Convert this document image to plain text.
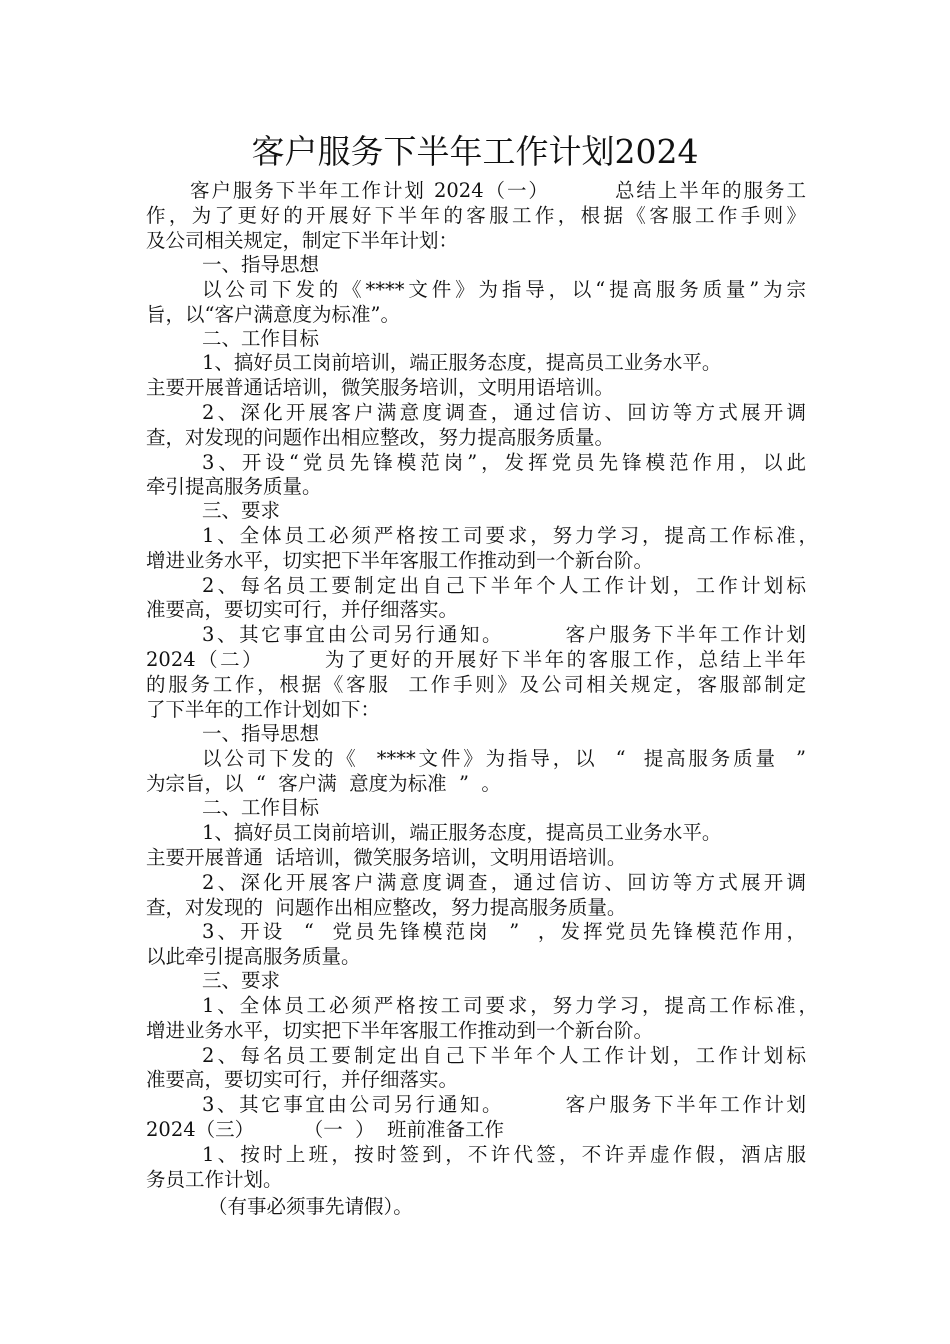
客户服务下半年工作计划2024
客户服务下半年工作计划 2024（一）        总结上半年的服务工
作，为了更好的开展好下半年的客服工作，根据《客服工作手则》
及公司相关规定，制定下半年计划：
一、指导思想
以公司下发的《****文件》为指导，以“提高服务质量”为宗
旨，以“客户满意度为标准”。
二、工作目标
1、搞好员工岗前培训，端正服务态度，提高员工业务水平。
主要开展普通话培训，微笑服务培训，文明用语培训。
2、深化开展客户满意度调查，通过信访、回访等方式展开调
查，对发现的问题作出相应整改，努力提高服务质量。
3、开设“党员先锋模范岗”，发挥党员先锋模范作用，以此
牵引提高服务质量。
三、要求
1、全体员工必须严格按工司要求，努力学习，提高工作标准，
增进业务水平，切实把下半年客服工作推动到一个新台阶。
2、每名员工要制定出自己下半年个人工作计划，工作计划标
准要高，要切实可行，并仔细落实。
3、其它事宜由公司另行通知。       客户服务下半年工作计划
2024（二）       为了更好的开展好下半年的客服工作，总结上半年
的服务工作，根据《客服  工作手则》及公司相关规定，客服部制定
了下半年的工作计划如下：
一、指导思想
以公司下发的《  ****文件》为指导，以  “  提高服务质量  ”
为宗旨，以  “  客户满  意度为标准  ”  。
二、工作目标
1、搞好员工岗前培训，端正服务态度，提高员工业务水平。
主要开展普通  话培训，微笑服务培训，文明用语培训。
2、深化开展客户满意度调查，通过信访、回访等方式展开调
查，对发现的  问题作出相应整改，努力提高服务质量。
3、开设  “  党员先锋模范岗  ”  ，发挥党员先锋模范作用，
以此牵引提高服务质量。
三、要求
1、全体员工必须严格按工司要求，努力学习，提高工作标准，
增进业务水平，切实把下半年客服工作推动到一个新台阶。
2、每名员工要制定出自己下半年个人工作计划，工作计划标
准要高，要切实可行，并仔细落实。
3、其它事宜由公司另行通知。       客户服务下半年工作计划
2024（三）        （一  ）  班前准备工作
1、按时上班，按时签到，不许代签，不许弄虚作假，酒店服
务员工作计划。
（有事必须事先请假）。
